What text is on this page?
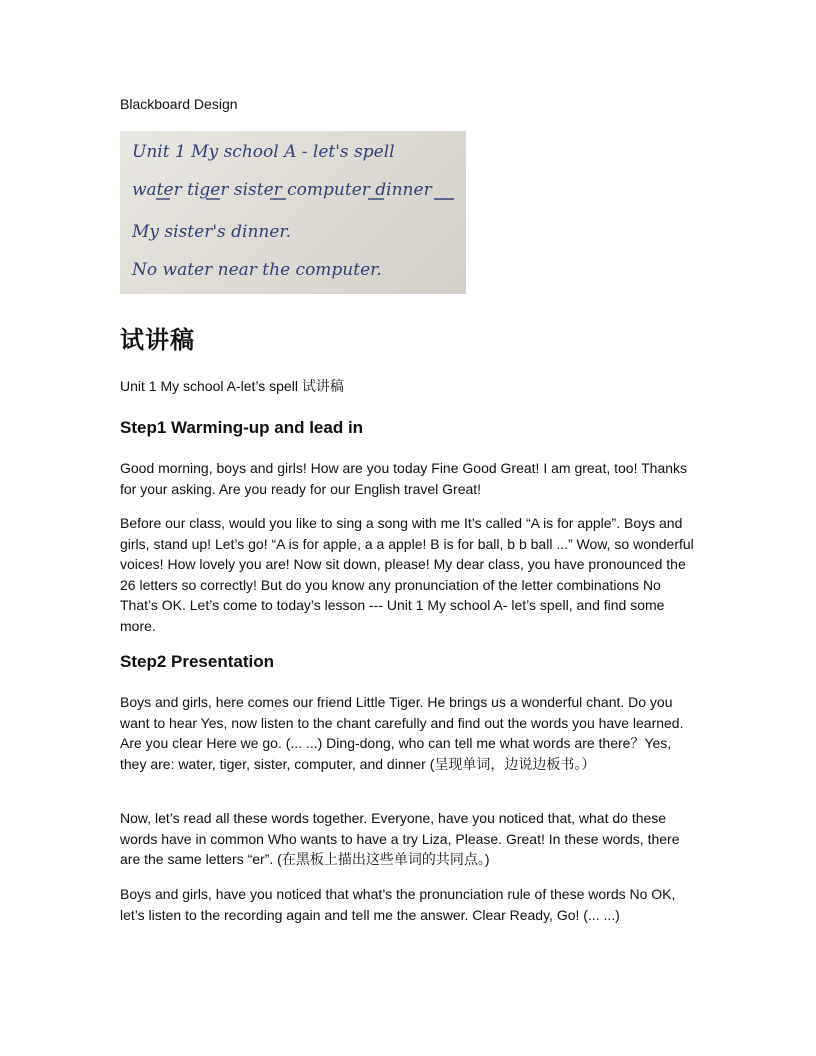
Blackboard Design
Unit 1 My school A - let's spell
water tiger sister computer dinner
My sister's dinner.
No water near the computer.
试讲稿
Unit 1 My school A-let’s spell 试讲稿
Step1 Warming-up and lead in
Good morning, boys and girls! How are you today Fine Good Great! I am great, too! Thanks for your asking. Are you ready for our English travel Great!
Before our class, would you like to sing a song with me It’s called “A is for apple”. Boys and girls, stand up! Let’s go! “A is for apple, a a apple! B is for ball, b b ball ...” Wow, so wonderful voices! How lovely you are! Now sit down, please! My dear class, you have pronounced the 26 letters so correctly! But do you know any pronunciation of the letter combinations No That’s OK. Let’s come to today’s lesson --- Unit 1 My school A- let’s spell, and find some more.
Step2 Presentation
Boys and girls, here comes our friend Little Tiger. He brings us a wonderful chant. Do you want to hear Yes, now listen to the chant carefully and find out the words you have learned. Are you clear Here we go. (... ...) Ding-dong, who can tell me what words are there？Yes, they are: water, tiger, sister, computer, and dinner (呈现单词，边说边板书。）
Now, let’s read all these words together. Everyone, have you noticed that, what do these words have in common Who wants to have a try Liza, Please. Great! In these words, there are the same letters “er”. (在黑板上描出这些单词的共同点。)
Boys and girls, have you noticed that what’s the pronunciation rule of these words No OK, let’s listen to the recording again and tell me the answer. Clear Ready, Go! (... ...)
